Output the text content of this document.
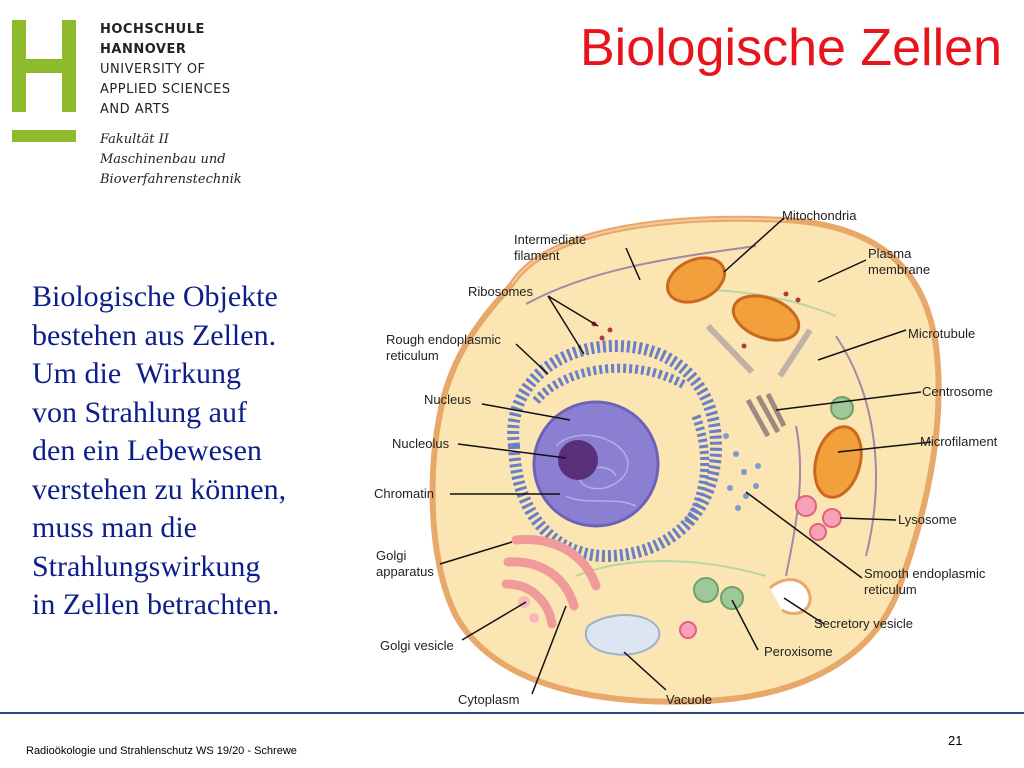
HOCHSCHULE
HANNOVER
UNIVERSITY OF
APPLIED SCIENCES
AND ARTS
Fakultät II
Maschinenbau und
Bioverfahrenstechnik
Biologische Zellen
Biologische Objekte
bestehen aus Zellen.
Um die  Wirkung
von Strahlung auf
den ein Lebewesen
verstehen zu können,
muss man die
Strahlungswirkung
in Zellen betrachten.
Intermediate
filament
Mitochondria
Plasma
membrane
Ribosomes
Rough endoplasmic
reticulum
Microtubule
Nucleus
Centrosome
Nucleolus	Microfilament
Chromatin
Lysosome
Golgi
apparatus	Smooth endoplasmic
reticulum
Secretory vesicle
Golgi vesicle	Peroxisome
Cytoplasm	Vacuole
Radioökologie und Strahlenschutz WS 19/20 - Schrewe
21
